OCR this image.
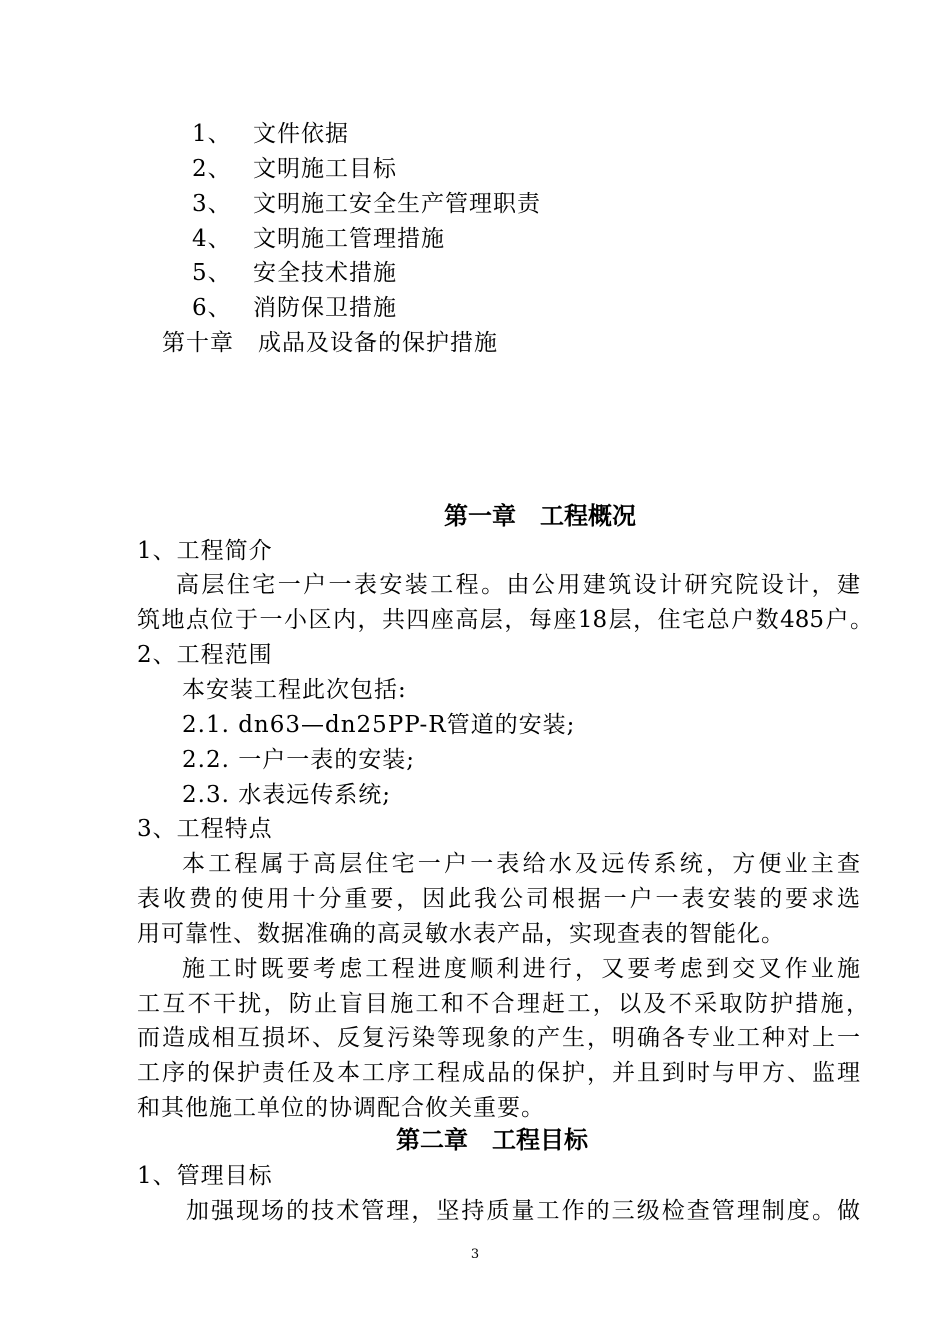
1、 文件依据
2、 文明施工目标
3、 文明施工安全生产管理职责
4、 文明施工管理措施
5、 安全技术措施
6、 消防保卫措施
第十章　成品及设备的保护措施
第一章　工程概况
1、工程简介
高层住宅一户一表安装工程。由公用建筑设计研究院设计，建
筑地点位于一小区内，共四座高层，每座18层，住宅总户数485户。
2、工程范围
本安装工程此次包括:
2.1. dn63—dn25PP-R管道的安装;
2.2. 一户一表的安装;
2.3. 水表远传系统;
3、工程特点
本工程属于高层住宅一户一表给水及远传系统，方便业主查
表收费的使用十分重要，因此我公司根据一户一表安装的要求选
用可靠性、数据准确的高灵敏水表产品，实现查表的智能化。
施工时既要考虑工程进度顺利进行，又要考虑到交叉作业施
工互不干扰，防止盲目施工和不合理赶工，以及不采取防护措施，
而造成相互损坏、反复污染等现象的产生，明确各专业工种对上一
工序的保护责任及本工序工程成品的保护，并且到时与甲方、监理
和其他施工单位的协调配合攸关重要。
第二章　工程目标
1、管理目标
加强现场的技术管理，坚持质量工作的三级检查管理制度。做
3
